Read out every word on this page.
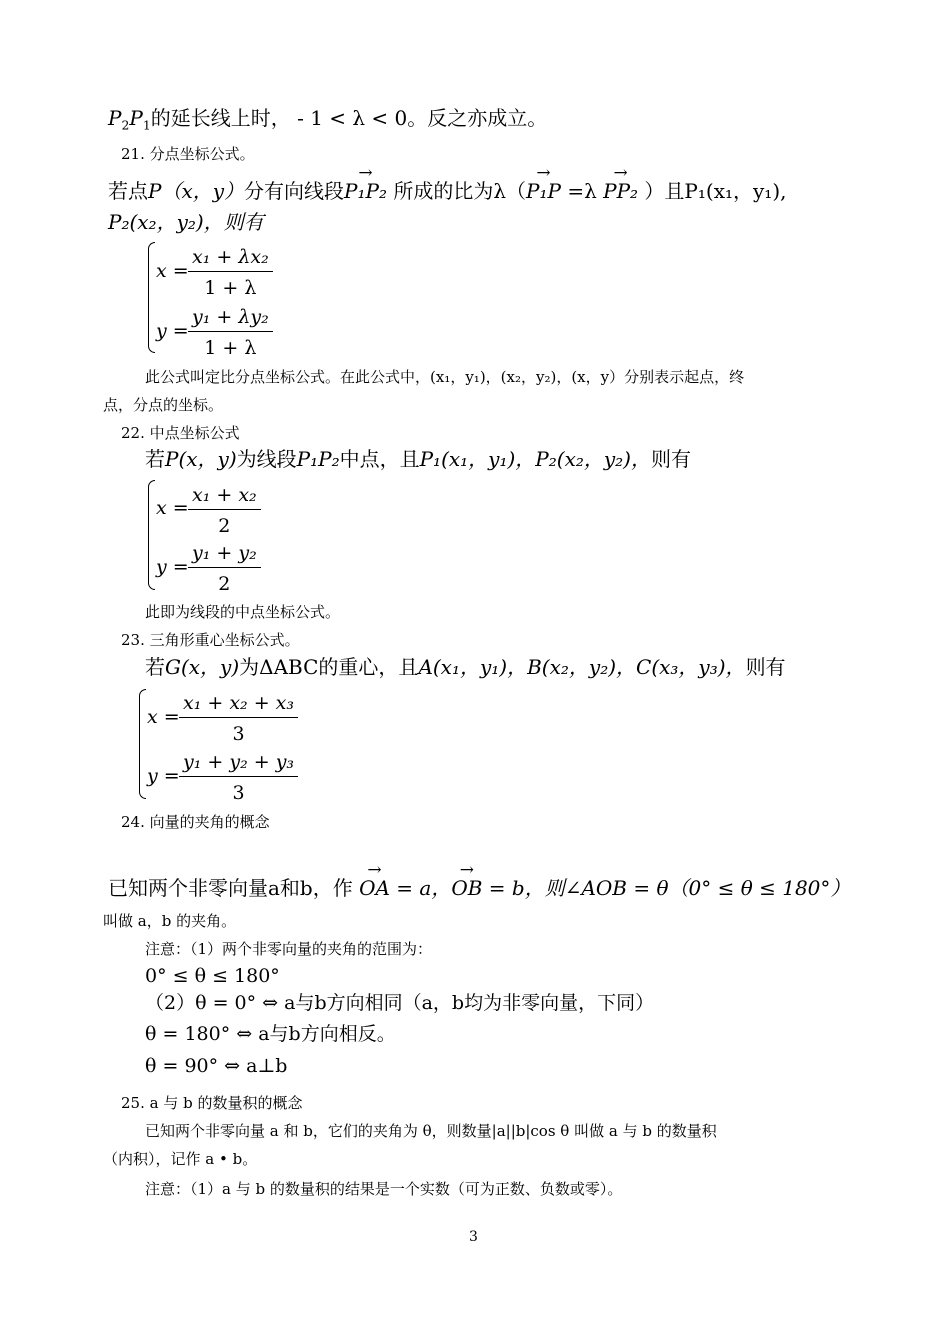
$P_2P_1$的延长线上时， - 1 < λ < 0。反之亦成立。
21. 分点坐标公式。
若点P（x，y）分有向线段→ P₁P₂ 所成的比为λ（→ P₁P =λ → PP₂ ）且P₁(x₁，y₁),
P₂(x₂，y₂)，则有
$x = \frac{\text{x₁ + λx₂}}{1 + \lambda}$
$y = \frac{\text{y₁ + λy₂}}{1 + \lambda}$
此公式叫定比分点坐标公式。在此公式中，(x₁，y₁)，(x₂，y₂)，(x，y）分别表示起点，终
点，分点的坐标。
22. 中点坐标公式
若P(x，y)为线段P₁P₂中点，且P₁(x₁，y₁)，P₂(x₂，y₂)，则有
$x = \frac{\text{x₁ + x₂}}{2}$
$y = \frac{\text{y₁ + y₂}}{2}$
此即为线段的中点坐标公式。
23. 三角形重心坐标公式。
若G(x，y)为ΔABC的重心，且A(x₁，y₁)，B(x₂，y₂)，C(x₃，y₃)，则有
$x = \frac{\text{x₁ + x₂ + x₃}}{3}$
$y = \frac{\text{y₁ + y₂ + y₃}}{3}$
24. 向量的夹角的概念
已知两个非零向量a和b，作 → OA = a，→ OB = b，则∠AOB = θ（0° ≤ θ ≤ 180°）
叫做 a，b 的夹角。
注意：（1）两个非零向量的夹角的范围为：
0° ≤ θ ≤ 180°
（2）θ = 0° ⇔ a与b方向相同（a，b均为非零向量，下同）
θ = 180° ⇔ a与b方向相反。
θ = 90° ⇔ a⊥b
25. a 与 b 的数量积的概念
已知两个非零向量 a 和 b，它们的夹角为 θ，则数量|a||b|cos θ 叫做 a 与 b 的数量积
（内积），记作 a • b。
注意：（1）a 与 b 的数量积的结果是一个实数（可为正数、负数或零）。
3
